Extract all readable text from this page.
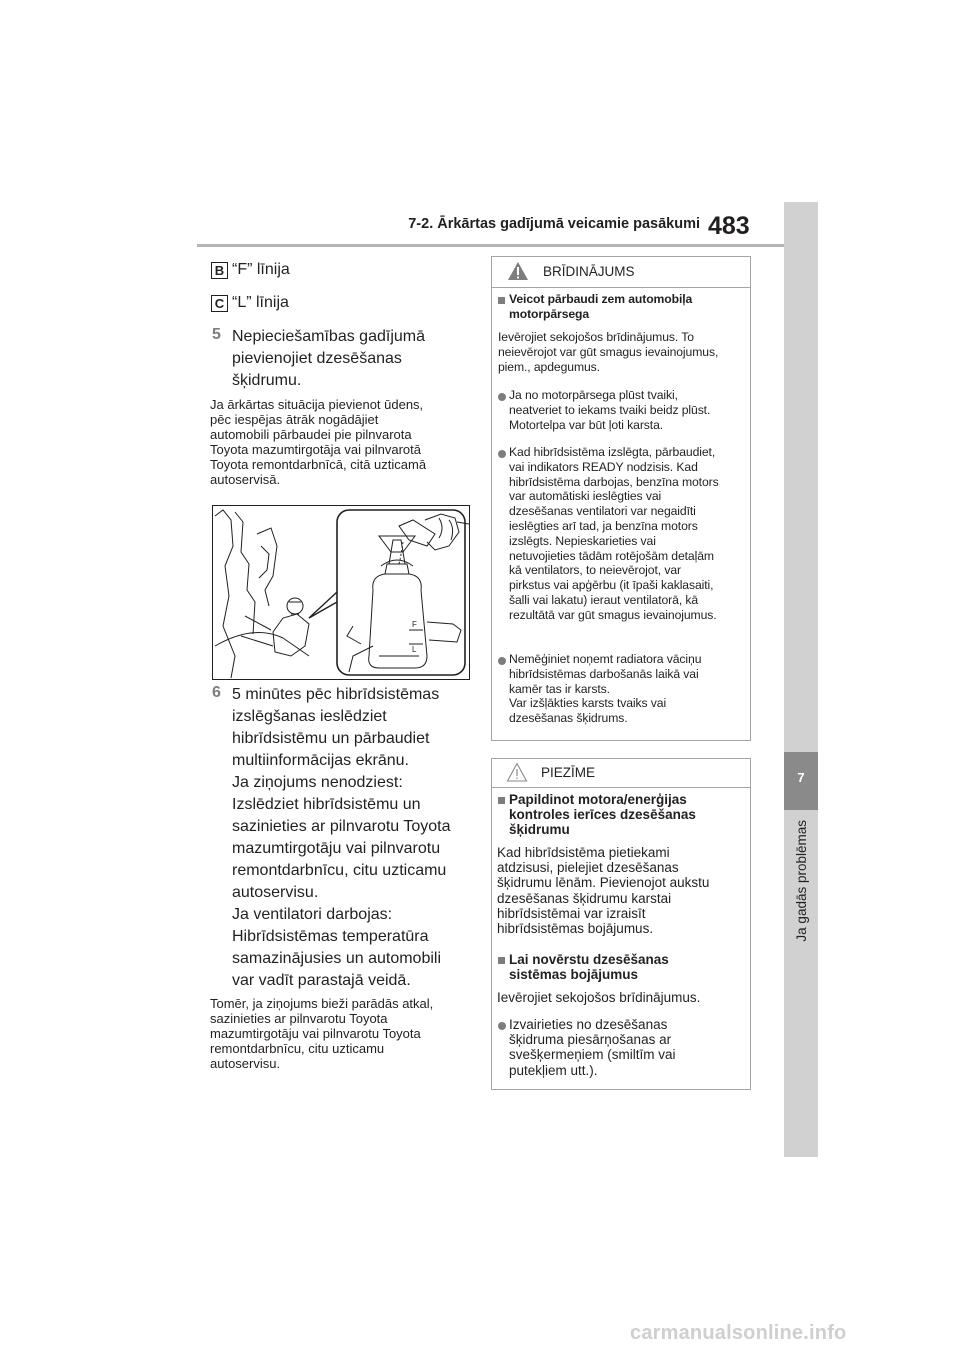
7-2. Ārkārtas gadījumā veicamie pasākumi 483
7
Ja gadās problēmas
B “F” līnija
C “L” līnija
5 Nepieciešamības gadījumā
pievienojiet dzesēšanas
šķidrumu.
Ja ārkārtas situācija pievienot ūdens,
pēc iespējas ātrāk nogādājiet
automobili pārbaudei pie pilnvarota
Toyota mazumtirgotāja vai pilnvarotā
Toyota remontdarbnīcā, citā uzticamā
autoservisā.
F
L
6 5 minūtes pēc hibrīdsistēmas
izslēgšanas ieslēdziet
hibrīdsistēmu un pārbaudiet
multiinformācijas ekrānu.
Ja ziņojums nenodziest:
Izslēdziet hibrīdsistēmu un
sazinieties ar pilnvarotu Toyota
mazumtirgotāju vai pilnvarotu
remontdarbnīcu, citu uzticamu
autoservisu.
Ja ventilatori darbojas:
Hibrīdsistēmas temperatūra
samazinājusies un automobili
var vadīt parastajā veidā.
Tomēr, ja ziņojums bieži parādās atkal,
sazinieties ar pilnvarotu Toyota
mazumtirgotāju vai pilnvarotu Toyota
remontdarbnīcu, citu uzticamu
autoservisu.
BRĪDINĀJUMS
Veicot pārbaudi zem automobiļa
motorpārsega
Ievērojiet sekojošos brīdinājumus. To
neievērojot var gūt smagus ievainojumus,
piem., apdegumus.
Ja no motorpārsega plūst tvaiki,
neatveriet to iekams tvaiki beidz plūst.
Motortelpa var būt ļoti karsta.
Kad hibrīdsistēma izslēgta, pārbaudiet,
vai indikators READY nodzisis. Kad
hibrīdsistēma darbojas, benzīna motors
var automātiski ieslēgties vai
dzesēšanas ventilatori var negaidīti
ieslēgties arī tad, ja benzīna motors
izslēgts. Nepieskarieties vai
netuvojieties tādām rotējošām detaļām
kā ventilators, to neievērojot, var
pirkstus vai apģērbu (it īpaši kaklasaiti,
šalli vai lakatu) ieraut ventilatorā, kā
rezultātā var gūt smagus ievainojumus.
Nemēģiniet noņemt radiatora vāciņu
hibrīdsistēmas darbošanās laikā vai
kamēr tas ir karsts.
Var izšļākties karsts tvaiks vai
dzesēšanas šķidrums.
PIEZĪME
Papildinot motora/enerģijas
kontroles ierīces dzesēšanas
šķidrumu
Kad hibrīdsistēma pietiekami
atdzisusi, pielejiet dzesēšanas
šķidrumu lēnām. Pievienojot aukstu
dzesēšanas šķidrumu karstai
hibrīdsistēmai var izraisīt
hibrīdsistēmas bojājumus.
Lai novērstu dzesēšanas
sistēmas bojājumus
Ievērojiet sekojošos brīdinājumus.
Izvairieties no dzesēšanas
šķidruma piesārņošanas ar
svešķermeņiem (smiltīm vai
putekļiem utt.).
carmanualsonline.info
